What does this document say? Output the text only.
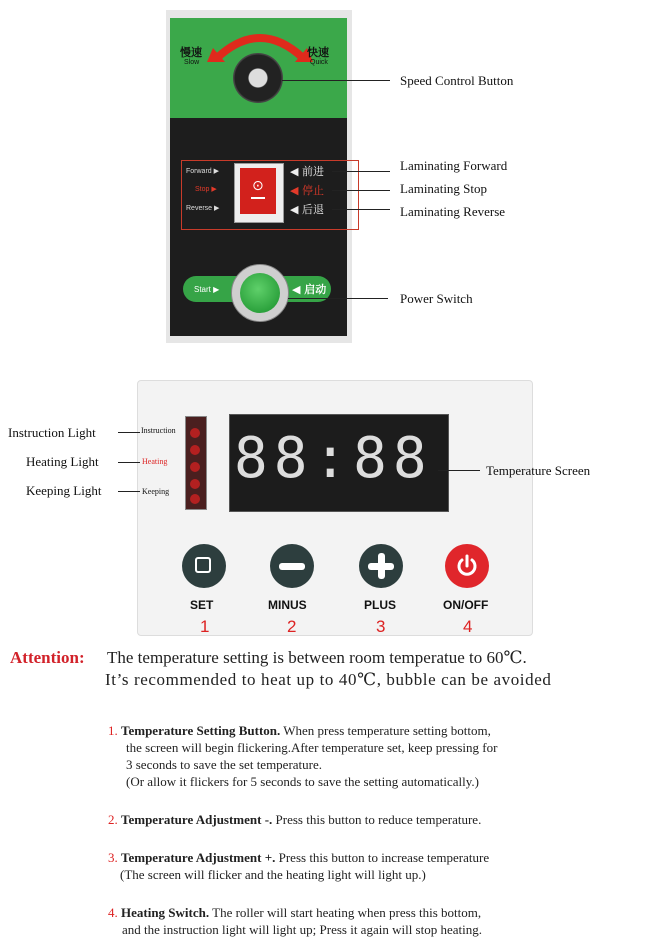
慢速
Slow
快速
Quick
Forward ▶
Stop ▶
Reverse ▶
⊙
◀ 前进
◀ 停止
◀ 后退
Start ▶	◀ 启动
Speed Control Button
Laminating Forward
Laminating Stop
Laminating Reverse
Power Switch
Instruction
Heating
Keeping
Instruction Light
Heating Light
Keeping Light 88:88	Temperature Screen
SET	MINUS	PLUS	ON/OFF
1	2	3	4
Attention: The temperature setting is between room temperatue to 60℃.
It’s recommended to heat up to 40℃, bubble can be avoided
1. Temperature Setting Button. When press temperature setting bottom,
the screen will begin flickering.After temperature set, keep pressing for
3 seconds to save the set temperature.
(Or allow it flickers for 5 seconds to save the setting automatically.)
2. Temperature Adjustment -. Press this button to reduce temperature.
3. Temperature Adjustment +. Press this button to increase temperature
(The screen will flicker and the heating light will light up.)
4. Heating Switch. The roller will start heating when press this bottom,
and the instruction light will light up; Press it again will stop heating.
